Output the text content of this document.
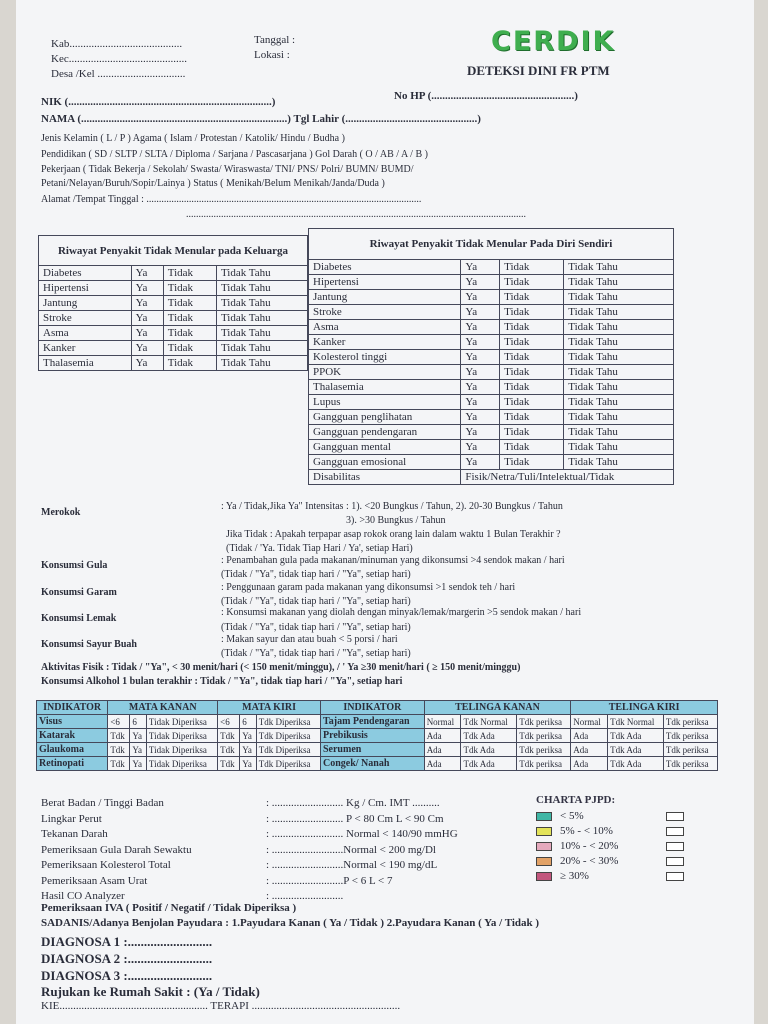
Kab.........................................
Kec...........................................
Desa /Kel ................................
Tanggal :
Lokasi :	CERDIK
DETEKSI DINI FR PTM
NIK (..........................................................................)	No HP (....................................................)
NAMA (...........................................................................) Tgl Lahir (................................................)
Jenis Kelamin ( L / P ) Agama ( Islam / Protestan / Katolik/ Hindu / Budha )
Pendidikan ( SD / SLTP / SLTA / Diploma / Sarjana / Pascasarjana ) Gol Darah ( O / AB / A / B )
Pekerjaan ( Tidak Bekerja / Sekolah/ Swasta/ Wiraswasta/ TNI/ PNS/ Polri/ BUMN/ BUMD/
Petani/Nelayan/Buruh/Sopir/Lainya ) Status ( Menikah/Belum Menikah/Janda/Duda )
Alamat /Tempat Tinggal : ..............................................................................................................
........................................................................................................................................
Riwayat Penyakit Tidak Menular pada Keluarga			
Diabetes	Ya	Tidak	Tidak Tahu
Hipertensi	Ya	Tidak	Tidak Tahu
Jantung	Ya	Tidak	Tidak Tahu
Stroke	Ya	Tidak	Tidak Tahu
Asma	Ya	Tidak	Tidak Tahu
Kanker	Ya	Tidak	Tidak Tahu
Thalasemia	Ya	Tidak	Tidak Tahu
Riwayat Penyakit Tidak Menular Pada Diri Sendiri			
Diabetes	Ya	Tidak	Tidak Tahu
Hipertensi	Ya	Tidak	Tidak Tahu
Jantung	Ya	Tidak	Tidak Tahu
Stroke	Ya	Tidak	Tidak Tahu
Asma	Ya	Tidak	Tidak Tahu
Kanker	Ya	Tidak	Tidak Tahu
Kolesterol tinggi	Ya	Tidak	Tidak Tahu
PPOK	Ya	Tidak	Tidak Tahu
Thalasemia	Ya	Tidak	Tidak Tahu
Lupus	Ya	Tidak	Tidak Tahu
Gangguan penglihatan	Ya	Tidak	Tidak Tahu
Gangguan pendengaran	Ya	Tidak	Tidak Tahu
Gangguan mental	Ya	Tidak	Tidak Tahu
Gangguan emosional	Ya	Tidak	Tidak Tahu
Disabilitas	Fisik/Netra/Tuli/Intelektual/Tidak		
Merokok
: Ya / Tidak,Jika Ya" Intensitas : 1). <20 Bungkus / Tahun, 2). 20-30 Bungkus / Tahun
3). >30 Bungkus / Tahun
Jika Tidak : Apakah terpapar asap rokok orang lain dalam waktu 1 Bulan Terakhir ?
(Tidak / 'Ya. Tidak Tiap Hari / Ya', setiap Hari)
Konsumsi Gula	: Penambahan gula pada makanan/minuman yang dikonsumsi >4 sendok makan / hari
(Tidak / "Ya", tidak tiap hari / "Ya", setiap hari)
Konsumsi Garam	: Penggunaan garam pada makanan yang dikonsumsi >1 sendok teh / hari
(Tidak / "Ya", tidak tiap hari / "Ya", setiap hari)
Konsumsi Lemak
: Konsumsi makanan yang diolah dengan minyak/lemak/margerin >5 sendok makan / hari
(Tidak / "Ya", tidak tiap hari / "Ya", setiap hari)
Konsumsi Sayur Buah	: Makan sayur dan atau buah < 5 porsi / hari
(Tidak / "Ya", tidak tiap hari / "Ya", setiap hari)
Aktivitas Fisik : Tidak / "Ya", < 30 menit/hari (< 150 menit/minggu), / ' Ya ≥30 menit/hari ( ≥ 150 menit/minggu)
Konsumsi Alkohol 1 bulan terakhir : Tidak / "Ya", tidak tiap hari / "Ya", setiap hari
INDIKATOR	MATA KANAN			MATA KIRI			INDIKATOR	TELINGA KANAN			TELINGA KIRI		
Visus	<6	6	Tidak Diperiksa	<6	6	Tdk Diperiksa	Tajam Pendengaran	Normal	Tdk Normal	Tdk periksa	Normal	Tdk Normal	Tdk periksa
Katarak	Tdk	Ya	Tidak Diperiksa	Tdk	Ya	Tdk Diperiksa	Prebikusis	Ada	Tdk Ada	Tdk periksa	Ada	Tdk Ada	Tdk periksa
Glaukoma	Tdk	Ya	Tidak Diperiksa	Tdk	Ya	Tdk Diperiksa	Serumen	Ada	Tdk Ada	Tdk periksa	Ada	Tdk Ada	Tdk periksa
Retinopati	Tdk	Ya	Tidak Diperiksa	Tdk	Ya	Tdk Diperiksa	Congek/ Nanah	Ada	Tdk Ada	Tdk periksa	Ada	Tdk Ada	Tdk periksa
Berat Badan / Tinggi Badan	: .......................... Kg / Cm. IMT ..........
Lingkar Perut	: .......................... P < 80 Cm L < 90 Cm
Tekanan Darah	: .......................... Normal < 140/90 mmHG
Pemeriksaan Gula Darah Sewaktu	: ..........................Normal < 200 mg/Dl
Pemeriksaan Kolesterol Total	: ..........................Normal < 190 mg/dL
Pemeriksaan Asam Urat	: ..........................P < 6 L < 7
Hasil CO Analyzer	: ..........................
CHARTA PJPD:
< 5%
5% - < 10%
10% - < 20%
20% - < 30%
≥ 30%
Pemeriksaan IVA ( Positif / Negatif / Tidak Diperiksa )
SADANIS/Adanya Benjolan Payudara : 1.Payudara Kanan ( Ya / Tidak ) 2.Payudara Kanan ( Ya / Tidak )
DIAGNOSA 1 :..........................
DIAGNOSA 2 :..........................
DIAGNOSA 3 :..........................
Rujukan ke Rumah Sakit : (Ya / Tidak)
KIE...................................................... TERAPI ......................................................
